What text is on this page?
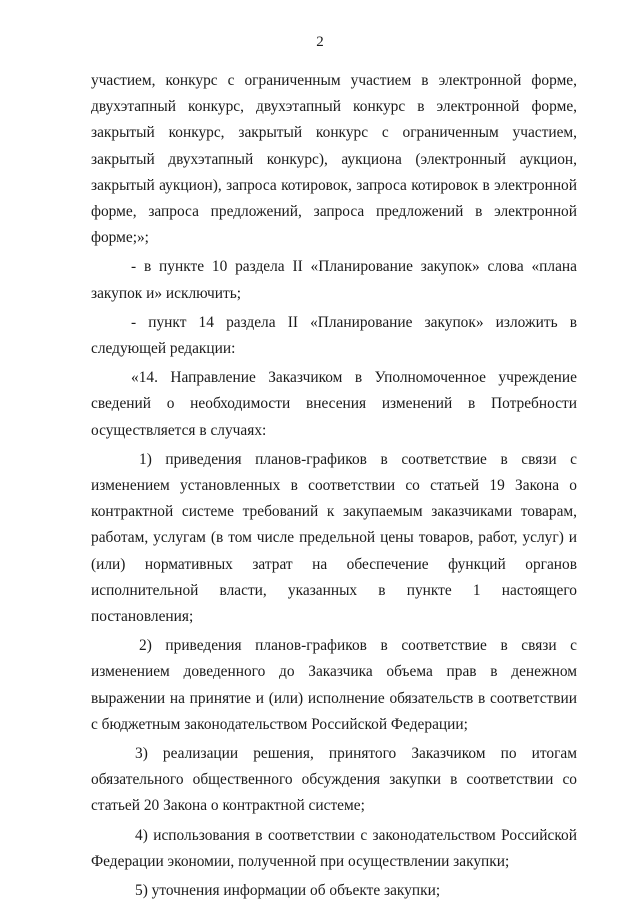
2

участием, конкурс с ограниченным участием в электронной форме, двухэтапный конкурс, двухэтапный конкурс в электронной форме, закрытый конкурс, закрытый конкурс с ограниченным участием, закрытый двухэтапный конкурс), аукциона (электронный аукцион, закрытый аукцион), запроса котировок, запроса котировок в электронной форме, запроса предложений, запроса предложений в электронной форме;»;

- в пункте 10 раздела II «Планирование закупок» слова «плана закупок и» исключить;

- пункт 14 раздела II «Планирование закупок» изложить в следующей редакции:

«14. Направление Заказчиком в Уполномоченное учреждение сведений о необходимости внесения изменений в Потребности осуществляется в случаях:

1) приведения планов-графиков в соответствие в связи с изменением установленных в соответствии со статьей 19 Закона о контрактной системе требований к закупаемым заказчиками товарам, работам, услугам (в том числе предельной цены товаров, работ, услуг) и (или) нормативных затрат на обеспечение функций органов исполнительной власти, указанных в пункте 1 настоящего постановления;

2) приведения планов-графиков в соответствие в связи с изменением доведенного до Заказчика объема прав в денежном выражении на принятие и (или) исполнение обязательств в соответствии с бюджетным законодательством Российской Федерации;

3) реализации решения, принятого Заказчиком по итогам обязательного общественного обсуждения закупки в соответствии со статьей 20 Закона о контрактной системе;

4) использования в соответствии с законодательством Российской Федерации экономии, полученной при осуществлении закупки;

5) уточнения информации об объекте закупки;
